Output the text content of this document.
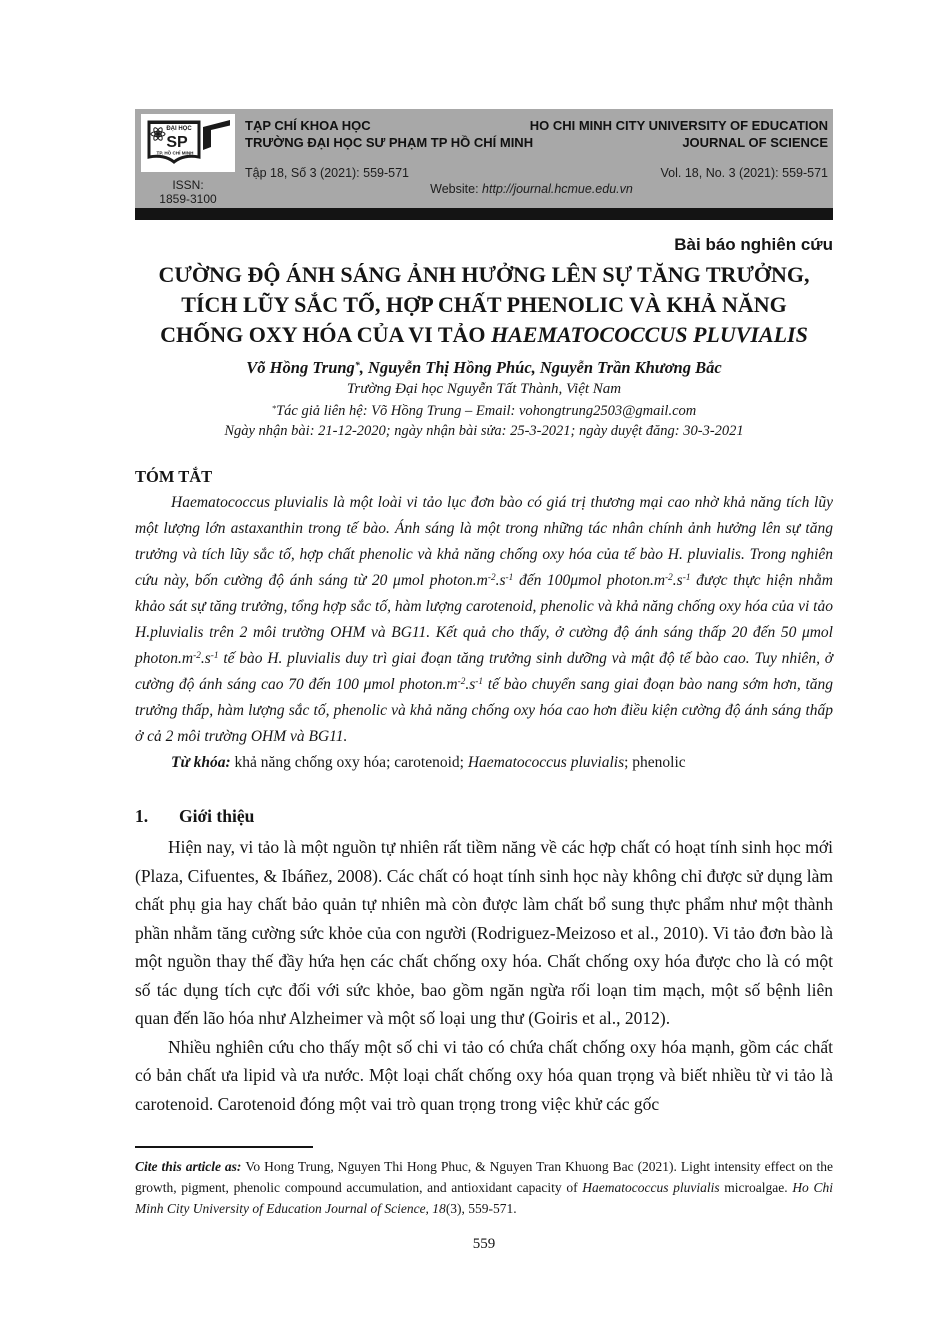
ĐẠI HỌC
SP
TP. HỒ CHÍ MINH
ISSN:
1859-3100
TẠP CHÍ KHOA HỌC
TRƯỜNG ĐẠI HỌC SƯ PHẠM TP HỒ CHÍ MINH
Tập 18, Số 3 (2021): 559-571
HO CHI MINH CITY UNIVERSITY OF EDUCATION
JOURNAL OF SCIENCE
Vol. 18, No. 3 (2021): 559-571
Website: http://journal.hcmue.edu.vn
Bài báo nghiên cứu
CƯỜNG ĐỘ ÁNH SÁNG ẢNH HƯỞNG LÊN SỰ TĂNG TRƯỞNG,
TÍCH LŨY SẮC TỐ, HỢP CHẤT PHENOLIC VÀ KHẢ NĂNG
CHỐNG OXY HÓA CỦA VI TẢO HAEMATOCOCCUS PLUVIALIS
Võ Hồng Trung*, Nguyễn Thị Hồng Phúc, Nguyễn Trần Khương Bắc
Trường Đại học Nguyễn Tất Thành, Việt Nam
*Tác giả liên hệ: Võ Hồng Trung – Email: vohongtrung2503@gmail.com
Ngày nhận bài: 21-12-2020; ngày nhận bài sửa: 25-3-2021; ngày duyệt đăng: 30-3-2021
TÓM TẮT

Haematococcus pluvialis là một loài vi tảo lục đơn bào có giá trị thương mại cao nhờ khả năng tích lũy một lượng lớn astaxanthin trong tế bào. Ánh sáng là một trong những tác nhân chính ảnh hưởng lên sự tăng trưởng và tích lũy sắc tố, hợp chất phenolic và khả năng chống oxy hóa của tế bào H. pluvialis. Trong nghiên cứu này, bốn cường độ ánh sáng từ 20 μmol $photon.m^{-2}.s^{-1}$ đến 100μmol $photon.m^{-2}.s^{-1}$ được thực hiện nhằm khảo sát sự tăng trưởng, tổng hợp sắc tố, hàm lượng carotenoid, phenolic và khả năng chống oxy hóa của vi tảo H.pluvialis trên 2 môi trường OHM và BG11. Kết quả cho thấy, ở cường độ ánh sáng thấp 20 đến 50 μmol $photon.m^{-2}.s^{-1}$ tế bào H. pluvialis duy trì giai đoạn tăng trưởng sinh dưỡng và mật độ tế bào cao. Tuy nhiên, ở cường độ ánh sáng cao 70 đến 100 μmol $photon.m^{-2}.s^{-1}$ tế bào chuyển sang giai đoạn bào nang sớm hơn, tăng trưởng thấp, hàm lượng sắc tố, phenolic và khả năng chống oxy hóa cao hơn điều kiện cường độ ánh sáng thấp ở cả 2 môi trường OHM và BG11.

Từ khóa: khả năng chống oxy hóa; carotenoid; Haematococcus pluvialis; phenolic

1. Giới thiệu

Hiện nay, vi tảo là một nguồn tự nhiên rất tiềm năng về các hợp chất có hoạt tính sinh học mới (Plaza, Cifuentes, & Ibáñez, 2008). Các chất có hoạt tính sinh học này không chỉ được sử dụng làm chất phụ gia hay chất bảo quản tự nhiên mà còn được làm chất bổ sung thực phẩm như một thành phần nhằm tăng cường sức khỏe của con người (Rodriguez-Meizoso et al., 2010). Vi tảo đơn bào là một nguồn thay thế đầy hứa hẹn các chất chống oxy hóa. Chất chống oxy hóa được cho là có một số tác dụng tích cực đối với sức khỏe, bao gồm ngăn ngừa rối loạn tim mạch, một số bệnh liên quan đến lão hóa như Alzheimer và một số loại ung thư (Goiris et al., 2012).

Nhiều nghiên cứu cho thấy một số chi vi tảo có chứa chất chống oxy hóa mạnh, gồm các chất có bản chất ưa lipid và ưa nước. Một loại chất chống oxy hóa quan trọng và biết nhiều từ vi tảo là carotenoid. Carotenoid đóng một vai trò quan trọng trong việc khử các gốc

Cite this article as: Vo Hong Trung, Nguyen Thi Hong Phuc, & Nguyen Tran Khuong Bac (2021). Light intensity effect on the growth, pigment, phenolic compound accumulation, and antioxidant capacity of Haematococcus pluvialis microalgae. Ho Chi Minh City University of Education Journal of Science, 18(3), 559-571.

559
